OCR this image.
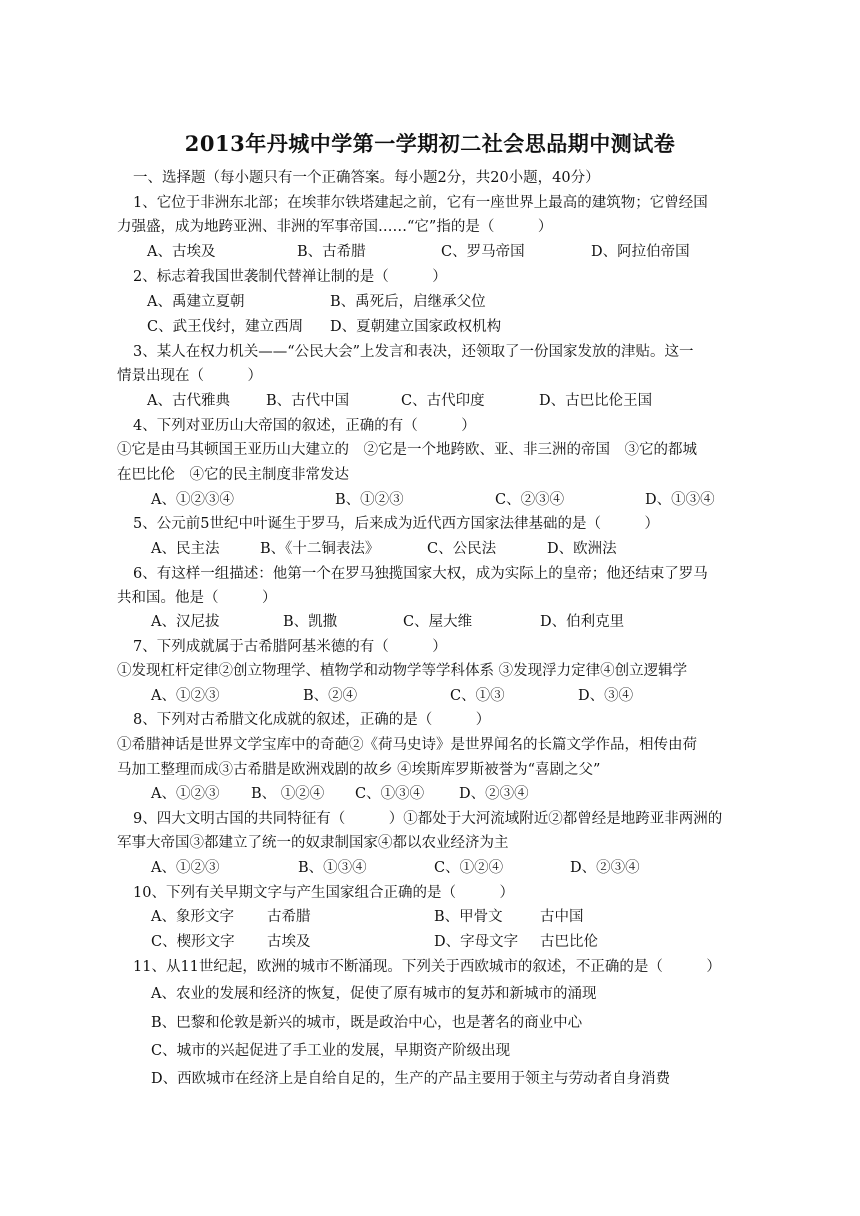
2013年丹城中学第一学期初二社会思品期中测试卷
一、选择题（每小题只有一个正确答案。每小题2分，共20小题，40分）
1、它位于非洲东北部；在埃菲尔铁塔建起之前，它有一座世界上最高的建筑物；它曾经国
力强盛，成为地跨亚洲、非洲的军事帝国……“它”指的是（　　　）
A、古埃及	B、古希腊	C、罗马帝国	D、阿拉伯帝国
2、标志着我国世袭制代替禅让制的是（　　　）
A、禹建立夏朝	B、禹死后，启继承父位
C、武王伐纣，建立西周 D、夏朝建立国家政权机构
3、某人在权力机关——“公民大会”上发言和表决，还领取了一份国家发放的津贴。这一
情景出现在（　　　）
A、古代雅典 B、古代中国	C、古代印度	D、古巴比伦王国
4、下列对亚历山大帝国的叙述，正确的有（　　　）
①它是由马其顿国王亚历山大建立的　②它是一个地跨欧、亚、非三洲的帝国　③它的都城
在巴比伦　④它的民主制度非常发达
A、①②③④	B、①②③	C、②③④	D、①③④
5、公元前5世纪中叶诞生于罗马，后来成为近代西方国家法律基础的是（　　　）
A、民主法	B、《十二铜表法》	C、公民法	D、欧洲法
6、有这样一组描述：他第一个在罗马独揽国家大权，成为实际上的皇帝；他还结束了罗马
共和国。他是（　　　）
A、汉尼拔	B、凯撒	C、屋大维	D、伯利克里
7、下列成就属于古希腊阿基米德的有（　　　）
①发现杠杆定律②创立物理学、植物学和动物学等学科体系 ③发现浮力定律④创立逻辑学
A、①②③	B、②④	C、①③	D、③④
8、下列对古希腊文化成就的叙述，正确的是（　　　）
①希腊神话是世界文学宝库中的奇葩②《荷马史诗》是世界闻名的长篇文学作品，相传由荷
马加工整理而成③古希腊是欧洲戏剧的故乡 ④埃斯库罗斯被誉为“喜剧之父”
A、①②③ B、 ①②④ C、①③④ D、②③④
9、四大文明古国的共同特征有（　　　）①都处于大河流域附近②都曾经是地跨亚非两洲的
军事大帝国③都建立了统一的奴隶制国家④都以农业经济为主
A、①②③	B、①③④	C、①②④	D、②③④
10、下列有关早期文字与产生国家组合正确的是（　　　）
A、象形文字 古希腊	B、甲骨文	古中国
C、楔形文字 古埃及	D、字母文字 古巴比伦
11、从11世纪起，欧洲的城市不断涌现。下列关于西欧城市的叙述，不正确的是（　　　）
A、农业的发展和经济的恢复，促使了原有城市的复苏和新城市的涌现
B、巴黎和伦敦是新兴的城市，既是政治中心，也是著名的商业中心
C、城市的兴起促进了手工业的发展，早期资产阶级出现
D、西欧城市在经济上是自给自足的，生产的产品主要用于领主与劳动者自身消费
